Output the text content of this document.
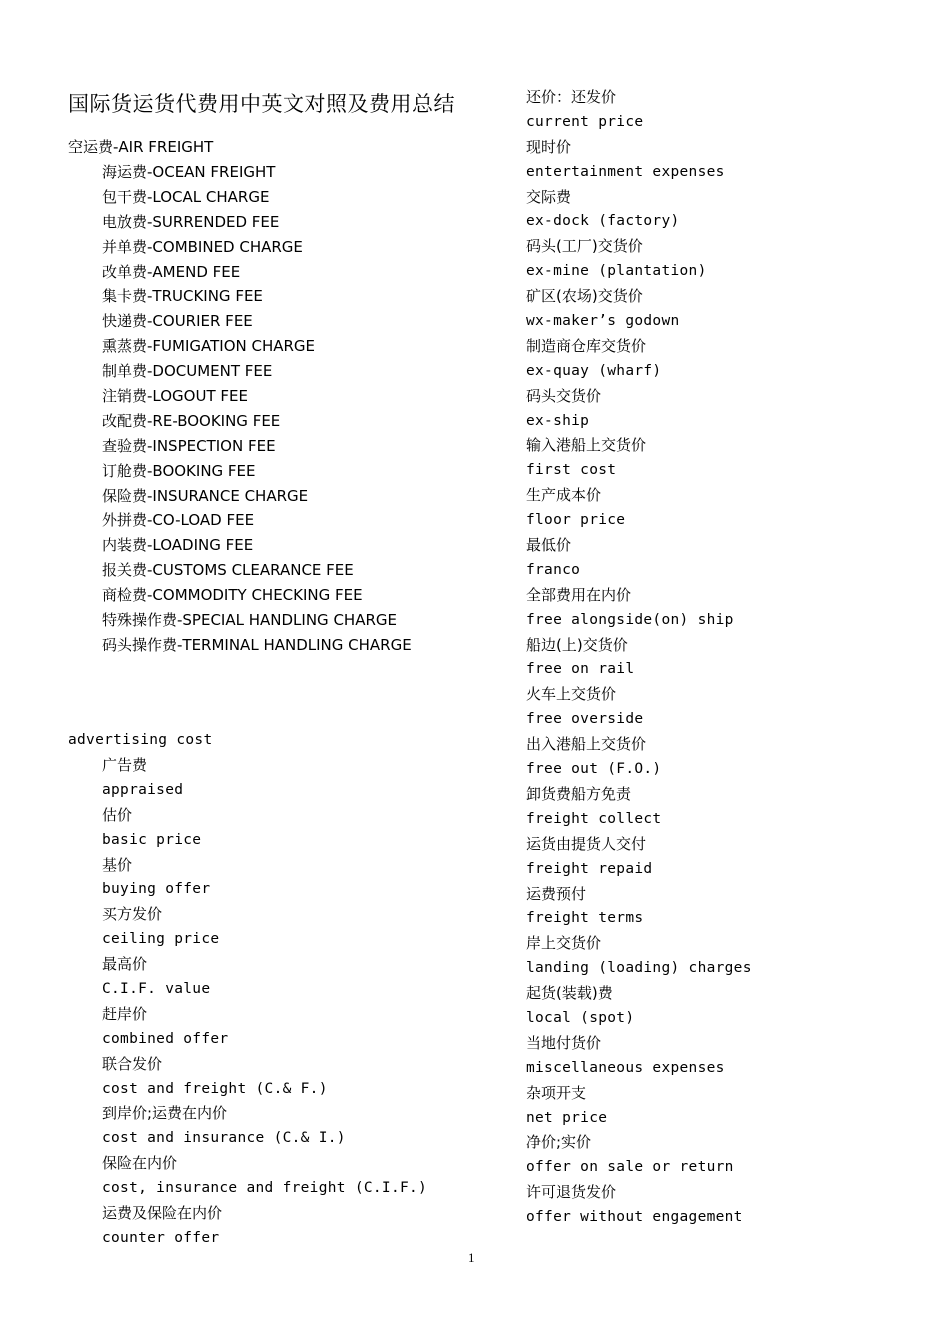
国际货运货代费用中英文对照及费用总结
空运费-AIR FREIGHT
海运费-OCEAN FREIGHT
包干费-LOCAL CHARGE
电放费-SURRENDED FEE
并单费-COMBINED CHARGE
改单费-AMEND FEE
集卡费-TRUCKING FEE
快递费-COURIER FEE
熏蒸费-FUMIGATION CHARGE
制单费-DOCUMENT FEE
注销费-LOGOUT FEE
改配费-RE-BOOKING FEE
查验费-INSPECTION FEE
订舱费-BOOKING FEE
保险费-INSURANCE CHARGE
外拼费-CO-LOAD FEE
内装费-LOADING FEE
报关费-CUSTOMS CLEARANCE FEE
商检费-COMMODITY CHECKING FEE
特殊操作费-SPECIAL HANDLING CHARGE
码头操作费-TERMINAL HANDLING CHARGE
advertising cost
广告费
appraised
估价
basic price
基价
buying offer
买方发价
ceiling price
最高价
C.I.F. value
赶岸价
combined offer
联合发价
cost and freight (C.& F.)
到岸价;运费在内价
cost and insurance (C.& I.)
保险在内价
cost, insurance and freight (C.I.F.)
运费及保险在内价
counter offer
还价：还发价
current price
现时价
entertainment expenses
交际费
ex-dock (factory)
码头(工厂)交货价
ex-mine (plantation)
矿区(农场)交货价
wx-maker’s godown
制造商仓库交货价
ex-quay (wharf)
码头交货价
ex-ship
输入港船上交货价
first cost
生产成本价
floor price
最低价
franco
全部费用在内价
free alongside(on) ship
船边(上)交货价
free on rail
火车上交货价
free overside
出入港船上交货价
free out (F.O.)
卸货费船方免责
freight collect
运货由提货人交付
freight repaid
运费预付
freight terms
岸上交货价
landing (loading) charges
起货(装载)费
local (spot)
当地付货价
miscellaneous expenses
杂项开支
net price
净价;实价
offer on sale or return
许可退货发价
offer without engagement
1
